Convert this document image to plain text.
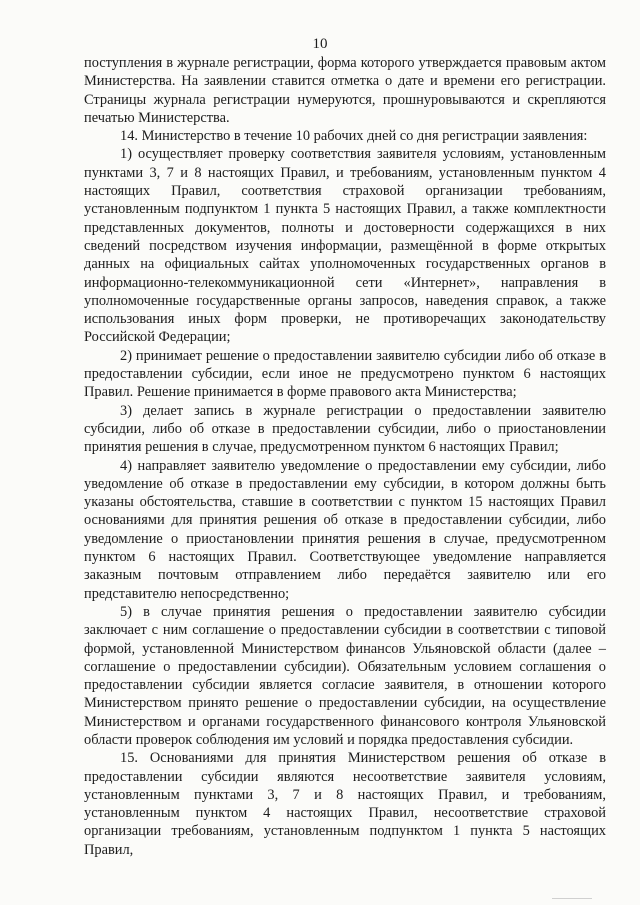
10

поступления в журнале регистрации, форма которого утверждается правовым актом Министерства. На заявлении ставится отметка о дате и времени его регистрации. Страницы журнала регистрации нумеруются, прошнуровываются и скрепляются печатью Министерства.

14. Министерство в течение 10 рабочих дней со дня регистрации заявления:

1) осуществляет проверку соответствия заявителя условиям, установленным пунктами 3, 7 и 8 настоящих Правил, и требованиям, установленным пунктом 4 настоящих Правил, соответствия страховой организации требованиям, установленным подпунктом 1 пункта 5 настоящих Правил, а также комплектности представленных документов, полноты и достоверности содержащихся в них сведений посредством изучения информации, размещённой в форме открытых данных на официальных сайтах уполномоченных государственных органов в информационно-телекоммуникационной сети «Интернет», направления в уполномоченные государственные органы запросов, наведения справок, а также использования иных форм проверки, не противоречащих законодательству Российской Федерации;

2) принимает решение о предоставлении заявителю субсидии либо об отказе в предоставлении субсидии, если иное не предусмотрено пунктом 6 настоящих Правил. Решение принимается в форме правового акта Министерства;

3) делает запись в журнале регистрации о предоставлении заявителю субсидии, либо об отказе в предоставлении субсидии, либо о приостановлении принятия решения в случае, предусмотренном пунктом 6 настоящих Правил;

4) направляет заявителю уведомление о предоставлении ему субсидии, либо уведомление об отказе в предоставлении ему субсидии, в котором должны быть указаны обстоятельства, ставшие в соответствии с пунктом 15 настоящих Правил основаниями для принятия решения об отказе в предоставлении субсидии, либо уведомление о приостановлении принятия решения в случае, предусмотренном пунктом 6 настоящих Правил. Соответствующее уведомление направляется заказным почтовым отправлением либо передаётся заявителю или его представителю непосредственно;

5) в случае принятия решения о предоставлении заявителю субсидии заключает с ним соглашение о предоставлении субсидии в соответствии с типовой формой, установленной Министерством финансов Ульяновской области (далее – соглашение о предоставлении субсидии). Обязательным условием соглашения о предоставлении субсидии является согласие заявителя, в отношении которого Министерством принято решение о предоставлении субсидии, на осуществление Министерством и органами государственного финансового контроля Ульяновской области проверок соблюдения им условий и порядка предоставления субсидии.

15. Основаниями для принятия Министерством решения об отказе в предоставлении субсидии являются несоответствие заявителя условиям, установленным пунктами 3, 7 и 8 настоящих Правил, и требованиям, установленным пунктом 4 настоящих Правил, несоответствие страховой организации требованиям, установленным подпунктом 1 пункта 5 настоящих Правил,
